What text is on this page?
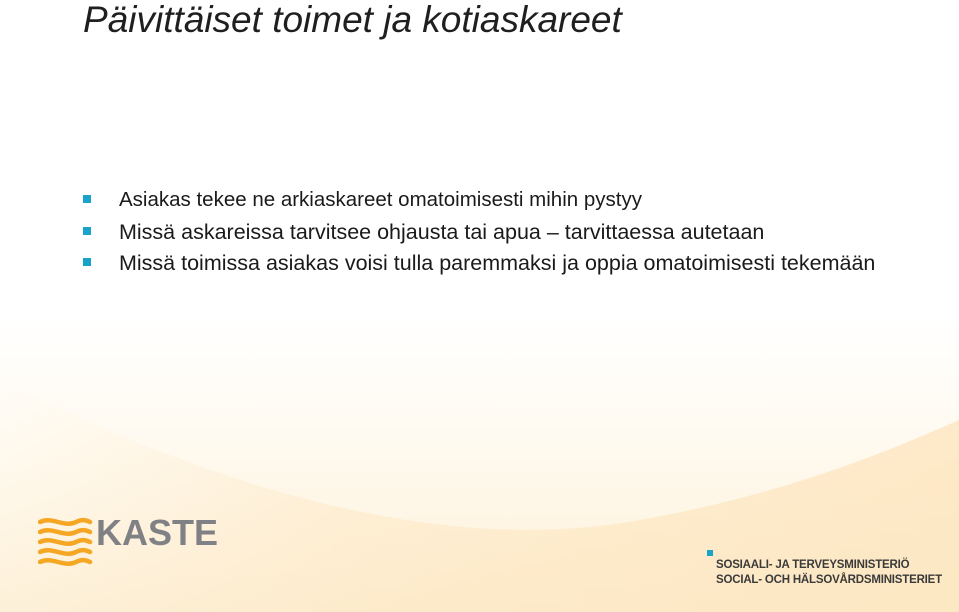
Päivittäiset toimet ja kotiaskareet
Asiakas tekee ne arkiaskareet omatoimisesti mihin pystyy
Missä askareissa tarvitsee ohjausta tai apua – tarvittaessa autetaan
Missä toimissa asiakas voisi tulla paremmaksi ja oppia omatoimisesti tekemään
KASTE
SOSIAALI- JA TERVEYSMINISTERIÖ
SOCIAL- OCH HÄLSOVÅRDSMINISTERIET
